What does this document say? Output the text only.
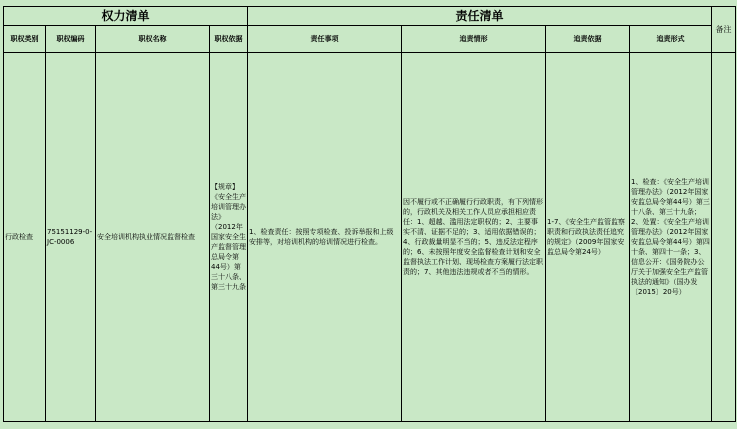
权力清单				责任清单				备注
职权类别	职权编码	职权名称	职权依据	责任事项	追责情形	追责依据	追责形式	
行政检查	75151129-0-JC-0006	安全培训机构执业情况监督检查	【规章】《安全生产培训管理办法》（2012年国家安全生产监督管理总局令第44号）第三十八条、第三十九条	1、检查责任：按照专项检查、投诉举报和上级安排等，对培训机构的培训情况进行检查。	因不履行或不正确履行行政职责，有下列情形的，行政机关及相关工作人员应承担相应责任：1、超越、滥用法定职权的；2、主要事实不清、证据不足的；3、适用依据错误的；4、行政裁量明显不当的；5、违反法定程序的；6、未按照年度安全监督检查计划和安全监督执法工作计划、现场检查方案履行法定职责的；7、其他违法违规或者不当的情形。	1-7、《安全生产监管监察职责和行政执法责任追究的规定》（2009年国家安监总局令第24号）	1、检查：《安全生产培训管理办法》（2012年国家安监总局令第44号）第三十八条、第三十九条；2、处置：《安全生产培训管理办法》（2012年国家安监总局令第44号）第四十条、第四十一条；3、信息公开：《国务院办公厅关于加强安全生产监管执法的通知》（国办发〔2015〕20号）	
